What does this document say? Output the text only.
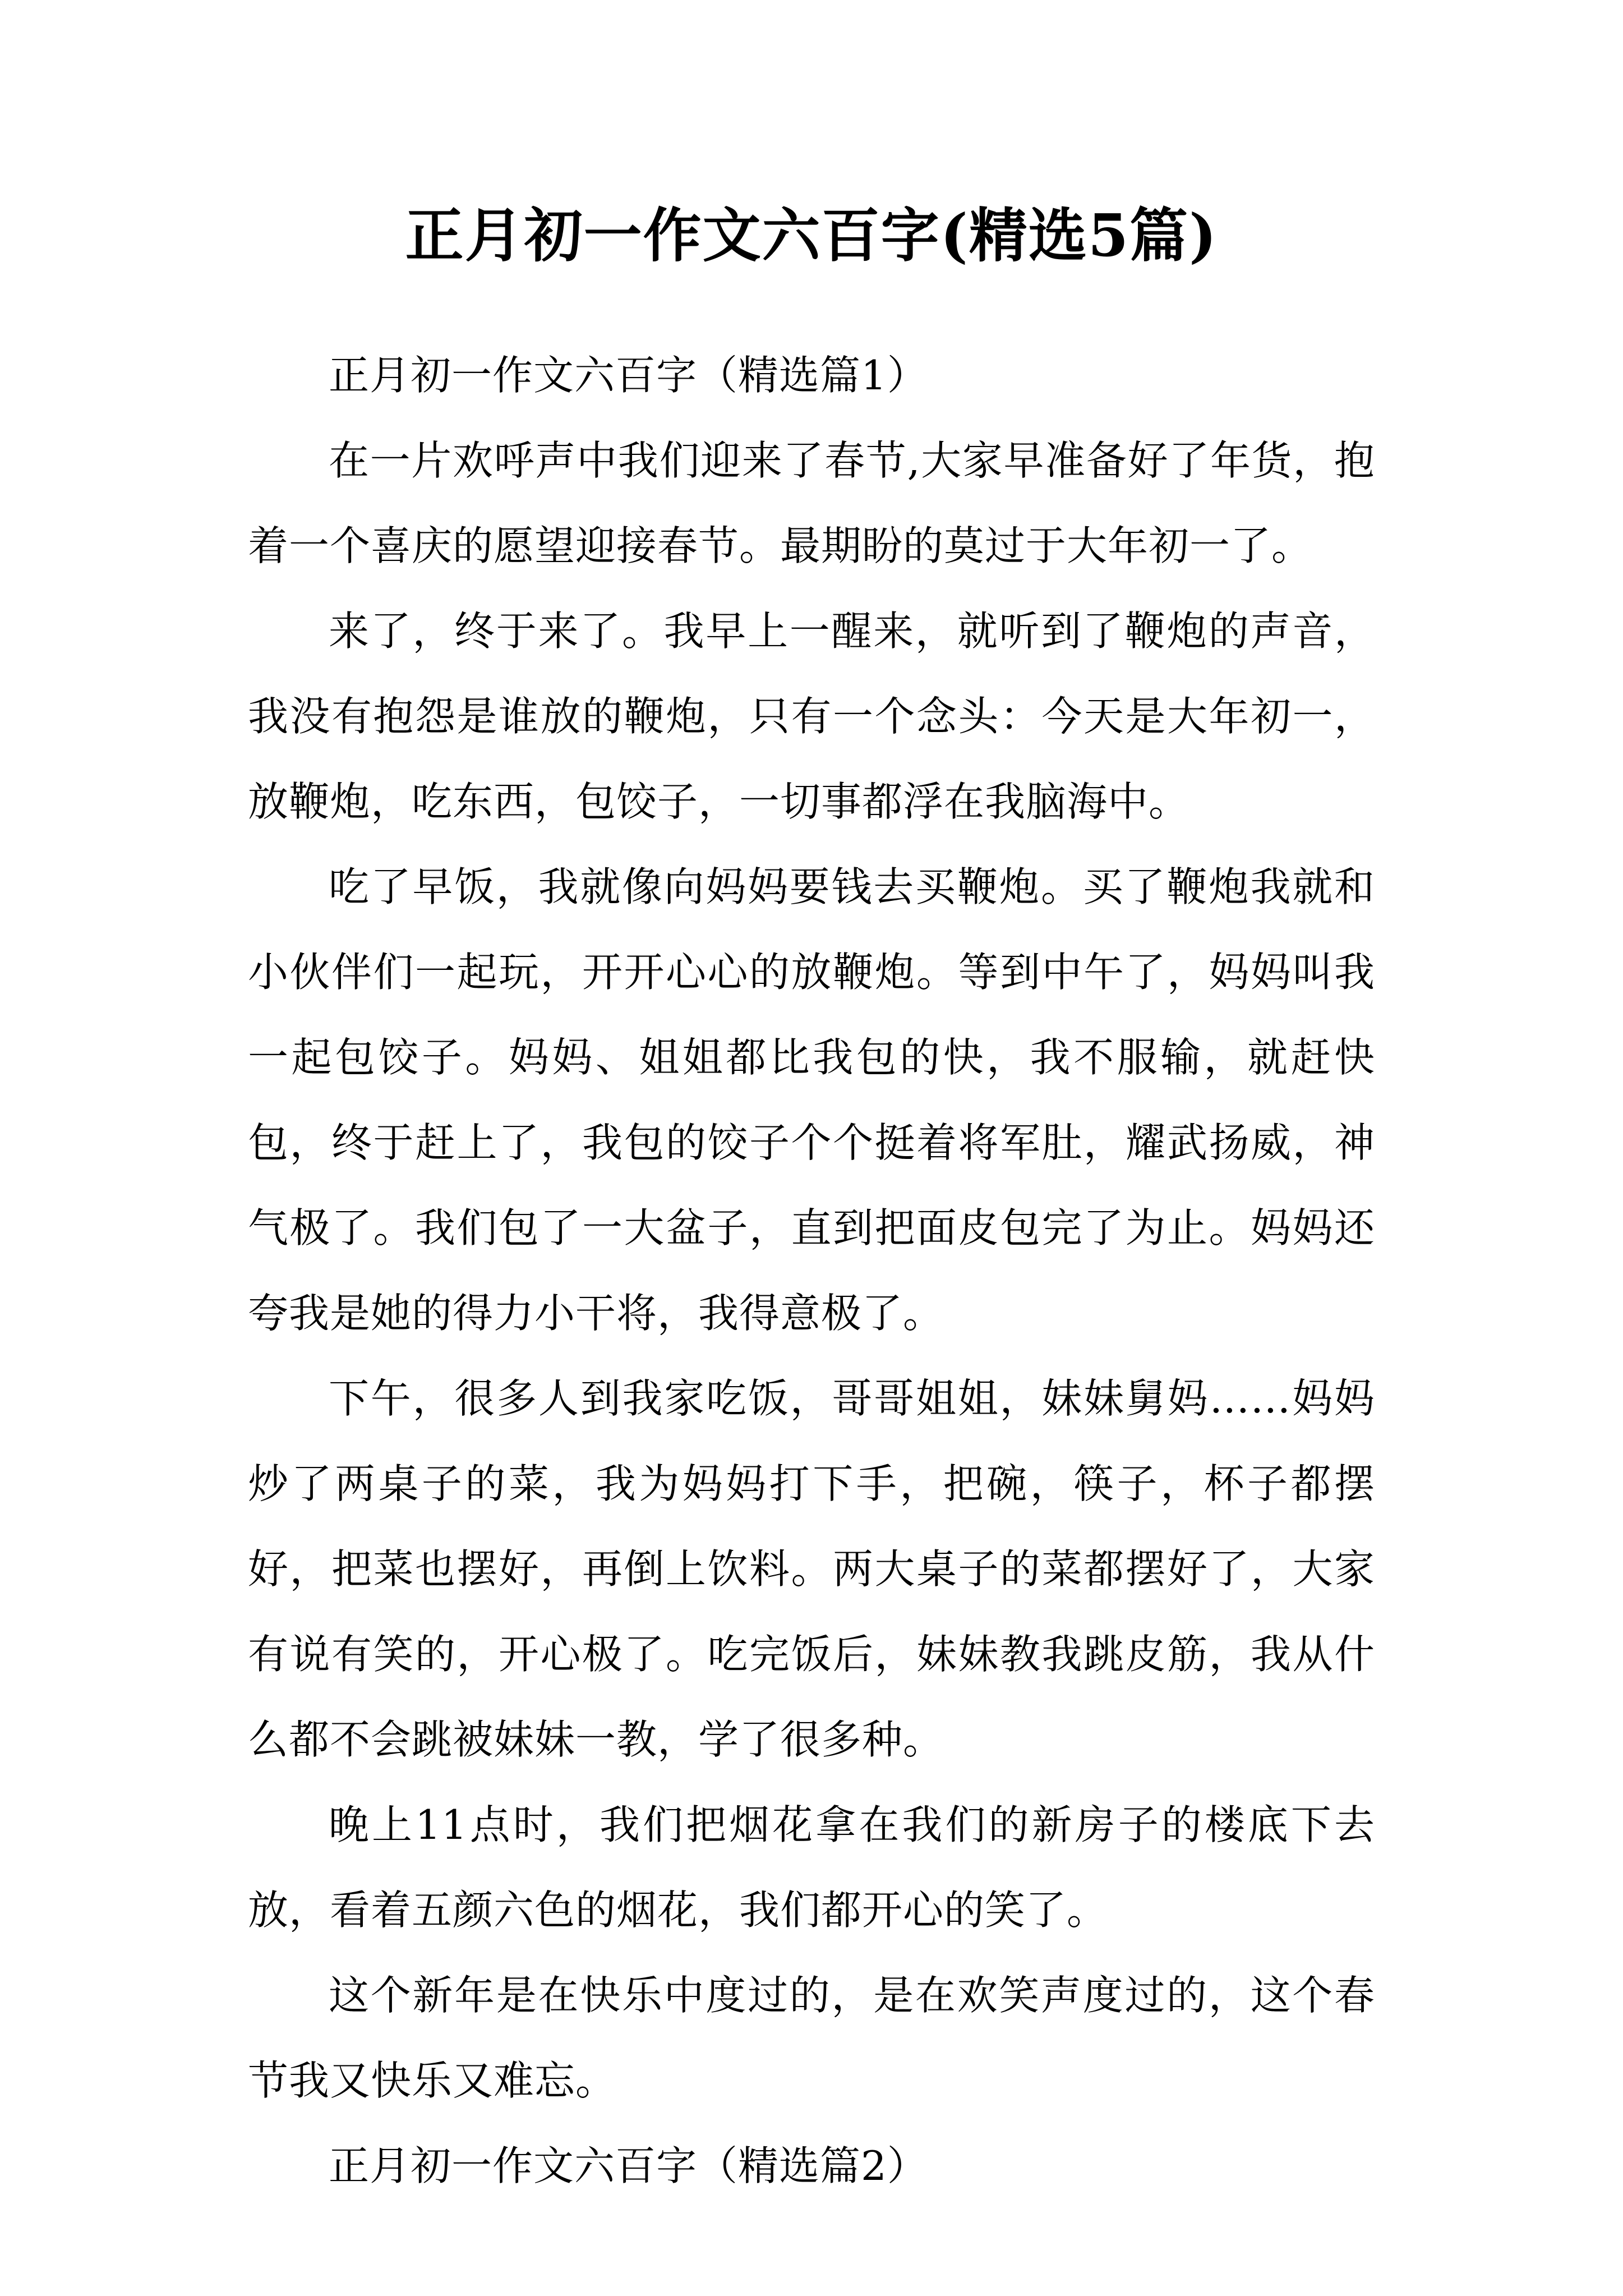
正月初一作文六百字(精选5篇)

正月初一作文六百字（精选篇1）

在一片欢呼声中我们迎来了春节,大家早准备好了年货，抱着一个喜庆的愿望迎接春节。最期盼的莫过于大年初一了。

来了，终于来了。我早上一醒来，就听到了鞭炮的声音，我没有抱怨是谁放的鞭炮，只有一个念头：今天是大年初一，放鞭炮，吃东西，包饺子，一切事都浮在我脑海中。

吃了早饭，我就像向妈妈要钱去买鞭炮。买了鞭炮我就和小伙伴们一起玩，开开心心的放鞭炮。等到中午了，妈妈叫我一起包饺子。妈妈、姐姐都比我包的快，我不服输，就赶快包，终于赶上了，我包的饺子个个挺着将军肚，耀武扬威，神气极了。我们包了一大盆子，直到把面皮包完了为止。妈妈还夸我是她的得力小干将，我得意极了。

下午，很多人到我家吃饭，哥哥姐姐，妹妹舅妈……妈妈炒了两桌子的菜，我为妈妈打下手，把碗，筷子，杯子都摆好，把菜也摆好，再倒上饮料。两大桌子的菜都摆好了，大家有说有笑的，开心极了。吃完饭后，妹妹教我跳皮筋，我从什么都不会跳被妹妹一教，学了很多种。

晚上11点时，我们把烟花拿在我们的新房子的楼底下去放，看着五颜六色的烟花，我们都开心的笑了。

这个新年是在快乐中度过的，是在欢笑声度过的，这个春节我又快乐又难忘。

正月初一作文六百字（精选篇2）
